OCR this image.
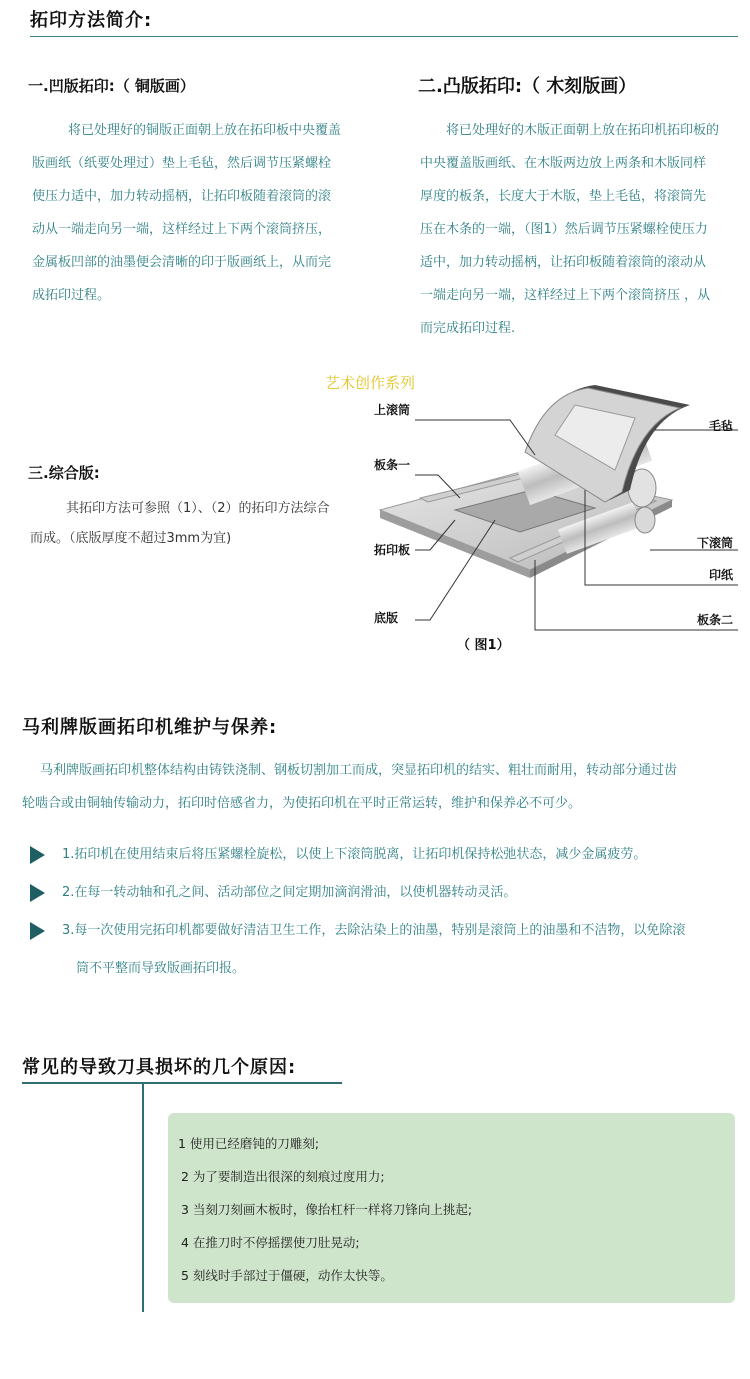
拓印方法简介:
一.凹版拓印:（ 铜版画）
将已处理好的铜版正面朝上放在拓印板中央覆盖
版画纸（纸要处理过）垫上毛毡，然后调节压紧螺栓
使压力适中，加力转动摇柄，让拓印板随着滚筒的滚
动从一端走向另一端，这样经过上下两个滚筒挤压，
金属板凹部的油墨便会清晰的印于版画纸上，从而完
成拓印过程。
二.凸版拓印:（ 木刻版画）
将已处理好的木版正面朝上放在拓印机拓印板的
中央覆盖版画纸、在木版两边放上两条和木版同样
厚度的板条，长度大于木版，垫上毛毡，将滚筒先
压在木条的一端，（图1）然后调节压紧螺栓使压力
适中，加力转动摇柄，让拓印板随着滚筒的滚动从
一端走向另一端，这样经过上下两个滚筒挤压 ，从
而完成拓印过程.
艺术创作系列
三.综合版:
其拓印方法可参照（1）、（2）的拓印方法综合
而成。（底版厚度不超过3mm为宜)
上滚筒
毛毡
板条一
拓印板	下滚筒
印纸
底版	板条二
（ 图1）
马利牌版画拓印机维护与保养:
马利牌版画拓印机整体结构由铸铁浇制、钢板切割加工而成，突显拓印机的结实、粗壮而耐用，转动部分通过齿
轮啮合或由铜轴传输动力，拓印时倍感省力，为使拓印机在平时正常运转，维护和保养必不可少。
1.拓印机在使用结束后将压紧螺栓旋松，以使上下滚筒脱离，让拓印机保持松弛状态，减少金属疲劳。
2.在每一转动轴和孔之间、活动部位之间定期加滴润滑油，以使机器转动灵活。
3.每一次使用完拓印机都要做好清洁卫生工作，去除沾染上的油墨，特别是滚筒上的油墨和不洁物，以免除滚
筒不平整而导致版画拓印报。
常见的导致刀具损坏的几个原因:
1 使用已经磨钝的刀雕刻;
2 为了要制造出很深的刻痕过度用力;
3 当刻刀刻画木板时，像抬杠杆一样将刀锋向上挑起;
4 在推刀时不停摇摆使刀肚晃动;
5 刻线时手部过于僵硬，动作太快等。
